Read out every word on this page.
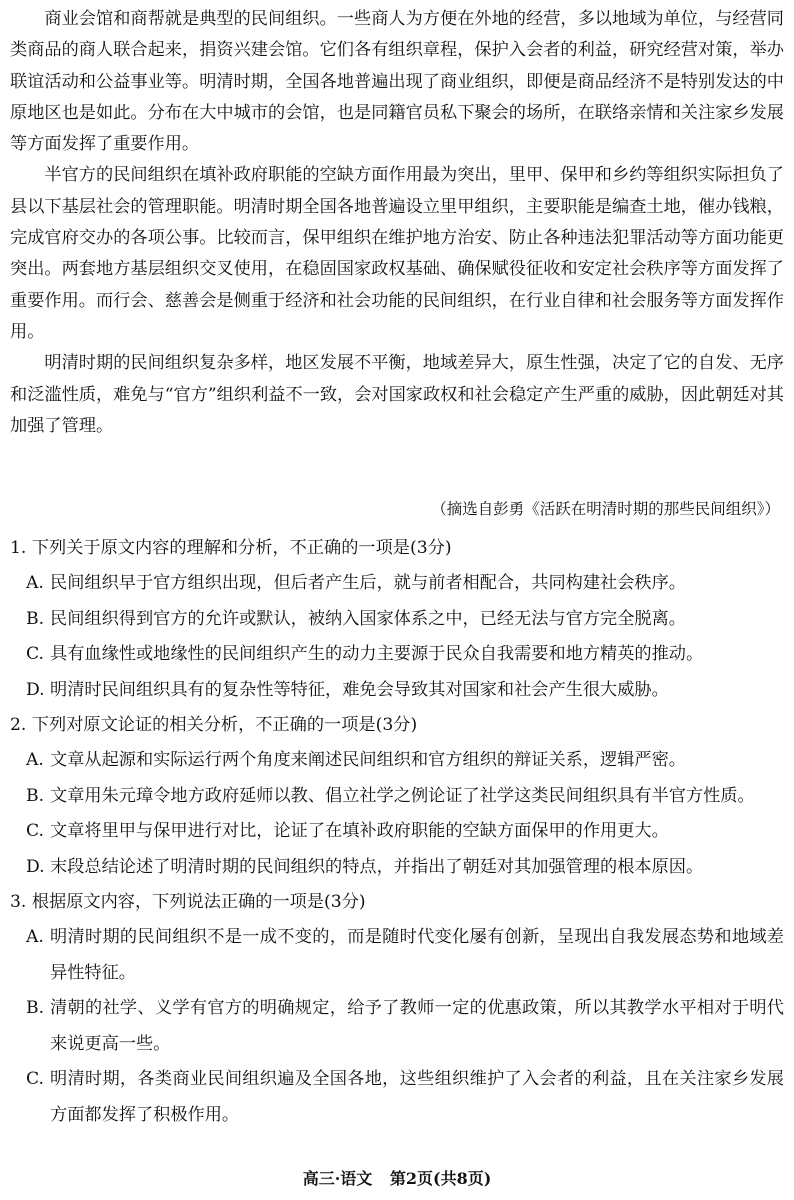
商业会馆和商帮就是典型的民间组织。一些商人为方便在外地的经营，多以地域为单位，与经营同类商品的商人联合起来，捐资兴建会馆。它们各有组织章程，保护入会者的利益，研究经营对策，举办联谊活动和公益事业等。明清时期，全国各地普遍出现了商业组织，即便是商品经济不是特别发达的中原地区也是如此。分布在大中城市的会馆，也是同籍官员私下聚会的场所，在联络亲情和关注家乡发展等方面发挥了重要作用。

半官方的民间组织在填补政府职能的空缺方面作用最为突出，里甲、保甲和乡约等组织实际担负了县以下基层社会的管理职能。明清时期全国各地普遍设立里甲组织，主要职能是编查土地，催办钱粮，完成官府交办的各项公事。比较而言，保甲组织在维护地方治安、防止各种违法犯罪活动等方面功能更突出。两套地方基层组织交叉使用，在稳固国家政权基础、确保赋役征收和安定社会秩序等方面发挥了重要作用。而行会、慈善会是侧重于经济和社会功能的民间组织，在行业自律和社会服务等方面发挥作用。

明清时期的民间组织复杂多样，地区发展不平衡，地域差异大，原生性强，决定了它的自发、无序和泛滥性质，难免与“官方”组织利益不一致，会对国家政权和社会稳定产生严重的威胁，因此朝廷对其加强了管理。

（摘选自彭勇《活跃在明清时期的那些民间组织》）
1. 下列关于原文内容的理解和分析，不正确的一项是(3分)
A. 民间组织早于官方组织出现，但后者产生后，就与前者相配合，共同构建社会秩序。
B. 民间组织得到官方的允许或默认，被纳入国家体系之中，已经无法与官方完全脱离。
C. 具有血缘性或地缘性的民间组织产生的动力主要源于民众自我需要和地方精英的推动。
D. 明清时民间组织具有的复杂性等特征，难免会导致其对国家和社会产生很大威胁。
2. 下列对原文论证的相关分析，不正确的一项是(3分)
A. 文章从起源和实际运行两个角度来阐述民间组织和官方组织的辩证关系，逻辑严密。
B. 文章用朱元璋令地方政府延师以教、倡立社学之例论证了社学这类民间组织具有半官方性质。
C. 文章将里甲与保甲进行对比，论证了在填补政府职能的空缺方面保甲的作用更大。
D. 末段总结论述了明清时期的民间组织的特点，并指出了朝廷对其加强管理的根本原因。
3. 根据原文内容，下列说法正确的一项是(3分)
A. 明清时期的民间组织不是一成不变的，而是随时代变化屡有创新，呈现出自我发展态势和地域差异性特征。
B. 清朝的社学、义学有官方的明确规定，给予了教师一定的优惠政策，所以其教学水平相对于明代来说更高一些。
C. 明清时期，各类商业民间组织遍及全国各地，这些组织维护了入会者的利益，且在关注家乡发展方面都发挥了积极作用。
高三·语文 第2页(共8页)
